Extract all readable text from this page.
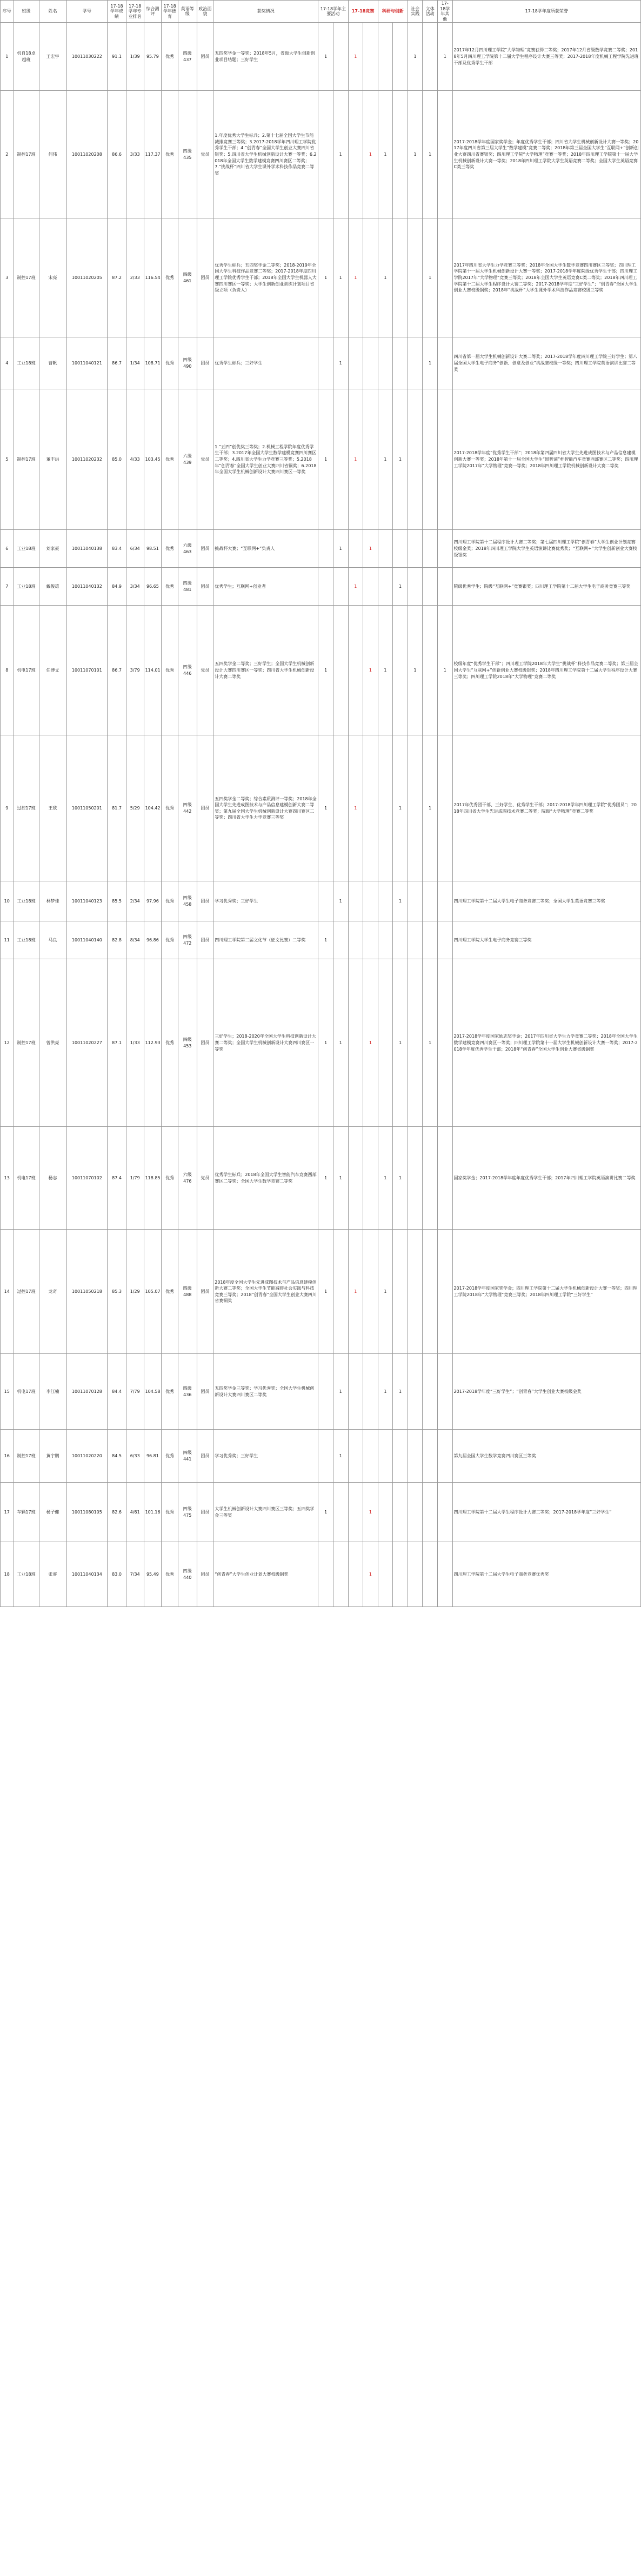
序号	班级	姓名	学号	17-18学年成绩	17-18学年专业排名	综合测评	17-18学年德育	英语等级	政治面貌	获奖情况	17-18学年主要活动		17-18竞赛		科研与创新		社会实践	文体活动	17-18学年其他	17-18学年度所获荣誉
1	机自18卓越班	王宏宇	10011030222	91.1	1/39	95.79	优秀	四级437	团员	五四奖学金一等奖；2018年5月，省级大学生创新创业项目结题；三好学生	1		1				1		1	2017年12月四川理工学院“大学物理”竞赛获得二等奖；2017年12月省级数学竞赛二等奖；2018年5月四川理工学院第十二届大学生程序设计大赛三等奖；2017-2018年度机械工程学院先进班干部及优秀学生干部
2	制控17班	何伟	10011020208	86.6	3/33	117.37	优秀	四级435	党员	1.年度优秀大学生标兵；2.第十七届全国大学生节能减排竞赛三等奖；3.2017-2018学年四川理工学院优秀学生干部；4.“创青春”全国大学生创业大赛四川省银奖；5.四川省大学生机械创新设计大赛一等奖；6.2018年全国大学生数学建模竞赛四川赛区二等奖；7.“挑战杯”四川省大学生课外学术科技作品竞赛二等奖		1		1	1		1	1		2017-2018学年度国家奖学金；年度优秀学生干部；四川省大学生机械创新设计大赛一等奖；2017年度四川省第三届大学生“数学建模”竞赛二等奖；2018年第三届全国大学生“互联网+”创新创业大赛四川省赛银奖；四川理工学院“大学物理”竞赛一等奖；2018年四川理工学院第十一届大学生机械创新设计大赛一等奖；2018年四川理工学院大学生英语竞赛二等奖；全国大学生英语竞赛C类三等奖
3	制控17班	宋亮	10011020205	87.2	2/33	116.54	优秀	四级461	团员	优秀学生标兵；五四奖学金二等奖；2018-2019年全国大学生科技作品竞赛二等奖；2017-2018年度四川理工学院优秀学生干部；2018年全国大学生机器人大赛四川赛区一等奖；大学生创新创业训练计划项目省级立项（负责人）	1	1	1		1			1		2017年四川省大学生力学竞赛三等奖；2018年全国大学生数学竞赛四川赛区三等奖；四川理工学院第十一届大学生机械创新设计大赛一等奖；2017-2018学年度院级优秀学生干部；四川理工学院2017年“大学物理”竞赛三等奖；2018年全国大学生英语竞赛C类二等奖；2018年四川理工学院第十二届大学生程序设计大赛二等奖；2017-2018学年度“三好学生”；“创青春”全国大学生创业大赛校级铜奖；2018年“挑战杯”大学生课外学术科技作品竞赛校级三等奖
4	工业18班	曹帆	10011040121	86.7	1/34	108.71	优秀	四级490	团员	优秀学生标兵；三好学生		1						1		四川省第一届大学生机械创新设计大赛二等奖；2017-2018学年度四川理工学院三好学生；第八届全国大学生电子商务“创新、创意及创业”挑战赛校级一等奖；四川理工学院英语演讲比赛二等奖
5	制控17班	董丰洪	10011020232	85.0	4/33	103.45	优秀	六级439	党员	1.“五四”创优奖三等奖；2.机械工程学院年度优秀学生干部；3.2017年全国大学生数学建模竞赛四川赛区二等奖；4.四川省大学生力学竞赛三等奖；5.2018年“创青春”全国大学生创业大赛四川省铜奖；6.2018年全国大学生机械创新设计大赛四川赛区一等奖	1		1		1	1				2017-2018学年度“优秀学生干部”；2018年第四届四川省大学生先进成图技术与产品信息建模创新大赛一等奖；2018年第十一届全国大学生“恩智浦”杯智能汽车竞赛西部赛区二等奖；四川理工学院2017年“大学物理”竞赛一等奖；2018年四川理工学院机械创新设计大赛二等奖
6	工业18班	刘家豪	10011040138	83.4	6/34	98.51	优秀	六级463	团员	挑战杯大赛；“互联网+”负责人		1		1						四川理工学院第十二届程序设计大赛二等奖；第七届四川理工学院“创青春”大学生创业计划竞赛校级金奖；2018年四川理工学院大学生英语演讲比赛优秀奖；“互联网+”大学生创新创业大赛校级银奖
7	工业18班	戴俊雄	10011040132	84.9	3/34	96.65	优秀	四级481	团员	优秀学生；互联网+创业者			1			1				院级优秀学生；院级“互联网+”竞赛银奖；四川理工学院第十二届大学生电子商务竞赛三等奖
8	机电17班	任博文	10011070101	86.7	3/79	114.01	优秀	四级446	党员	五四奖学金二等奖；三好学生；全国大学生机械创新设计大赛四川赛区一等奖；四川省大学生机械创新设计大赛二等奖	1			1	1		1		1	校级年度“优秀学生干部”；四川理工学院2018年大学生“挑战杯”科技作品竞赛二等奖；第三届全国大学生“互联网+”创新创业大赛校级银奖；2018年四川理工学院第十二届大学生程序设计大赛三等奖；四川理工学院2018年“大学物理”竞赛二等奖
9	过控17班	王欣	10011050201	81.7	5/29	104.42	优秀	四级442	团员	五四奖学金二等奖；综合素质测评一等奖；2018年全国大学生先进成图技术与产品信息建模创新大赛二等奖；第九届全国大学生机械创新设计大赛四川赛区二等奖；四川省大学生力学竞赛三等奖	1		1			1		1		2017年优秀团干部、三好学生、优秀学生干部；2017-2018学年四川理工学院“优秀团员”；2018年四川省大学生先进成图技术竞赛二等奖；院级“大学物理”竞赛二等奖
10	工业18班	林梦佳	10011040123	85.5	2/34	97.96	优秀	四级458	团员	学习优秀奖；三好学生		1				1				四川理工学院第十二届大学生电子商务竞赛二等奖；全国大学生英语竞赛三等奖
11	工业18班	马良	10011040140	82.8	8/34	96.86	优秀	四级472	团员	四川理工学院第二届文化节（征文比赛）二等奖	1									四川理工学院大学生电子商务竞赛三等奖
12	制控17班	曾洪亮	10011020227	87.1	1/33	112.93	优秀	四级453	团员	三好学生；2018-2020年全国大学生科技创新设计大赛二等奖；全国大学生机械创新设计大赛四川赛区一等奖	1	1		1		1		1		2017-2018学年度国家励志奖学金；2017年四川省大学生力学竞赛二等奖；2018年全国大学生数学建模竞赛四川赛区一等奖；四川理工学院第十一届大学生机械创新设计大赛一等奖；2017-2018学年度优秀学生干部；2018年“创青春”全国大学生创业大赛省级铜奖
13	机电17班	杨志	10011070102	87.4	1/79	118.85	优秀	六级476	党员	优秀学生标兵；2018年全国大学生智能汽车竞赛西部赛区二等奖；全国大学生数学竞赛二等奖	1	1			1	1				国家奖学金；2017-2018学年度年度优秀学生干部；2017年四川理工学院英语演讲比赛二等奖
14	过控17班	龙奇	10011050218	85.3	1/29	105.07	优秀	四级488	团员	2018年度全国大学生先进成图技术与产品信息建模创新大赛二等奖；全国大学生节能减排社会实践与科技竞赛三等奖；2018“创青春”全国大学生创业大赛四川省赛铜奖	1		1		1					2017-2018学年度国家奖学金；四川理工学院第十二届大学生机械创新设计大赛一等奖；四川理工学院2018年“大学物理”竞赛三等奖；2018年四川理工学院“三好学生”
15	机电17班	李江楠	10011070128	84.4	7/79	104.58	优秀	四级436	团员	五四奖学金三等奖；学习优秀奖；全国大学生机械创新设计大赛四川赛区二等奖		1			1	1				2017-2018学年度“三好学生”；“创青春”大学生创业大赛校级金奖
16	制控17班	黄宇鹏	10011020220	84.5	6/33	96.81	优秀	四级441	团员	学习优秀奖；三好学生		1								第九届全国大学生数学竞赛四川赛区三等奖
17	车辆17班	杨子健	10011080105	82.6	4/61	101.16	优秀	四级475	团员	大学生机械创新设计大赛四川赛区三等奖；五四奖学金三等奖	1			1						四川理工学院第十二届大学生程序设计大赛二等奖；2017-2018学年度“三好学生”
18	工业18班	张睿	10011040134	83.0	7/34	95.49	优秀	四级440	团员	“创青春”大学生创业计划大赛校级铜奖				1						四川理工学院第十二届大学生电子商务竞赛优秀奖
